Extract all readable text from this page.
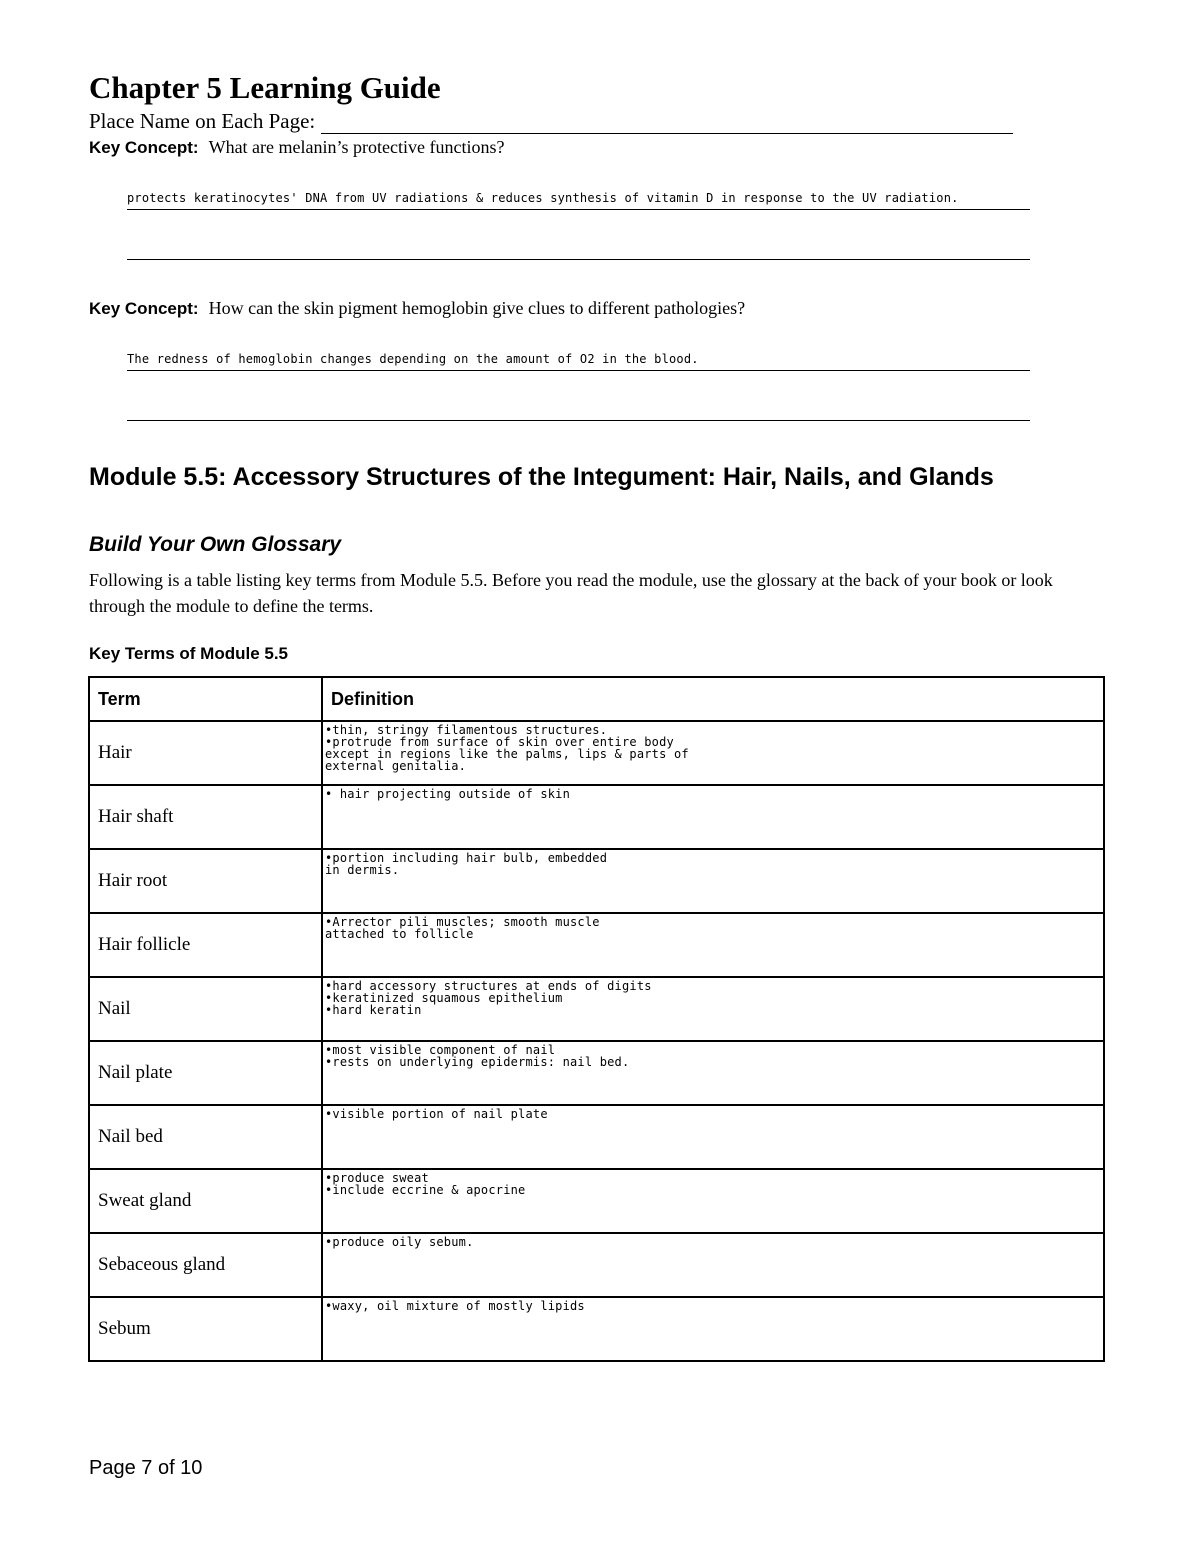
Chapter 5 Learning Guide
Place Name on Each Page:
Key Concept: What are melanin’s protective functions?
protects keratinocytes' DNA from UV radiations & reduces synthesis of vitamin D in response to the UV radiation.
Key Concept: How can the skin pigment hemoglobin give clues to different pathologies?
The redness of hemoglobin changes depending on the amount of O2 in the blood.
Module 5.5: Accessory Structures of the Integument: Hair, Nails, and Glands
Build Your Own Glossary
Following is a table listing key terms from Module 5.5. Before you read the module, use the glossary at the back of your book or look through the module to define the terms.
Key Terms of Module 5.5
Term	Definition
Hair	•thin, stringy filamentous structures.
•protrude from surface of skin over entire body
except in regions like the palms, lips & parts of
external genitalia.

Hair shaft	• hair projecting outside of skin

Hair root	•portion including hair bulb, embedded
in dermis.

Hair follicle	•Arrector pili muscles; smooth muscle
attached to follicle

Nail	•hard accessory structures at ends of digits
•keratinized squamous epithelium
•hard keratin

Nail plate	•most visible component of nail
•rests on underlying epidermis: nail bed.

Nail bed	•visible portion of nail plate

Sweat gland	•produce sweat
•include eccrine & apocrine

Sebaceous gland	•produce oily sebum.

Sebum	•waxy, oil mixture of mostly lipids
Page 7 of 10
